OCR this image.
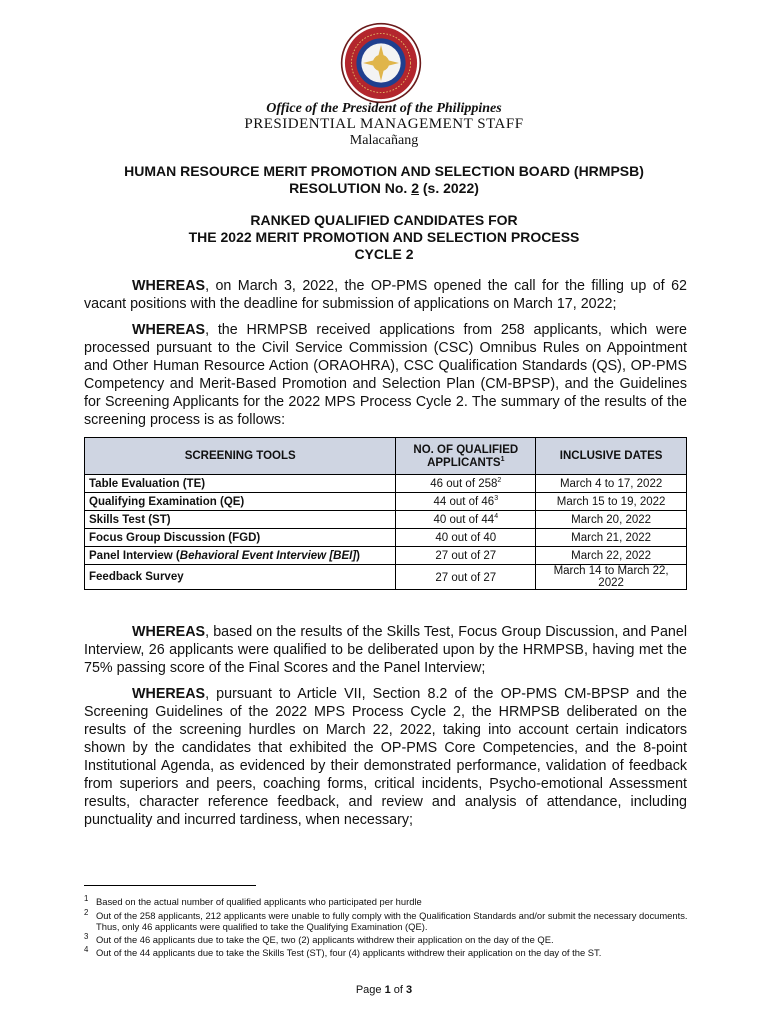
Office of the President of the Philippines
PRESIDENTIAL MANAGEMENT STAFF
Malacañang
HUMAN RESOURCE MERIT PROMOTION AND SELECTION BOARD (HRMPSB)
RESOLUTION No. 2 (s. 2022)
RANKED QUALIFIED CANDIDATES FOR
THE 2022 MERIT PROMOTION AND SELECTION PROCESS
CYCLE 2
WHEREAS, on March 3, 2022, the OP-PMS opened the call for the filling up of 62 vacant positions with the deadline for submission of applications on March 17, 2022;
WHEREAS, the HRMPSB received applications from 258 applicants, which were processed pursuant to the Civil Service Commission (CSC) Omnibus Rules on Appointment and Other Human Resource Action (ORAOHRA), CSC Qualification Standards (QS), OP-PMS Competency and Merit-Based Promotion and Selection Plan (CM-BPSP), and the Guidelines for Screening Applicants for the 2022 MPS Process Cycle 2. The summary of the results of the screening process is as follows:
SCREENING TOOLS	NO. OF QUALIFIED APPLICANTS$^1$	INCLUSIVE DATES
Table Evaluation (TE)	46 out of $258^2$	March 4 to 17, 2022
Qualifying Examination (QE)	44 out of $46^3$	March 15 to 19, 2022
Skills Test (ST)	40 out of $44^4$	March 20, 2022
Focus Group Discussion (FGD)	40 out of 40	March 21, 2022
Panel Interview (Behavioral Event Interview [BEI])	27 out of 27	March 22, 2022
Feedback Survey	27 out of 27	March 14 to March 22, 2022
WHEREAS, based on the results of the Skills Test, Focus Group Discussion, and Panel Interview, 26 applicants were qualified to be deliberated upon by the HRMPSB, having met the 75% passing score of the Final Scores and the Panel Interview;
WHEREAS, pursuant to Article VII, Section 8.2 of the OP-PMS CM-BPSP and the Screening Guidelines of the 2022 MPS Process Cycle 2, the HRMPSB deliberated on the results of the screening hurdles on March 22, 2022, taking into account certain indicators shown by the candidates that exhibited the OP-PMS Core Competencies, and the 8-point Institutional Agenda, as evidenced by their demonstrated performance, validation of feedback from superiors and peers, coaching forms, critical incidents, Psycho-emotional Assessment results, character reference feedback, and review and analysis of attendance, including punctuality and incurred tardiness, when necessary;
$^1$ Based on the actual number of qualified applicants who participated per hurdle
$^2$ Out of the 258 applicants, 212 applicants were unable to fully comply with the Qualification Standards and/or submit the necessary documents. Thus, only 46 applicants were qualified to take the Qualifying Examination (QE).
$^3$ Out of the 46 applicants due to take the QE, two (2) applicants withdrew their application on the day of the QE.
$^4$ Out of the 44 applicants due to take the Skills Test (ST), four (4) applicants withdrew their application on the day of the ST.
Page 1 of 3
